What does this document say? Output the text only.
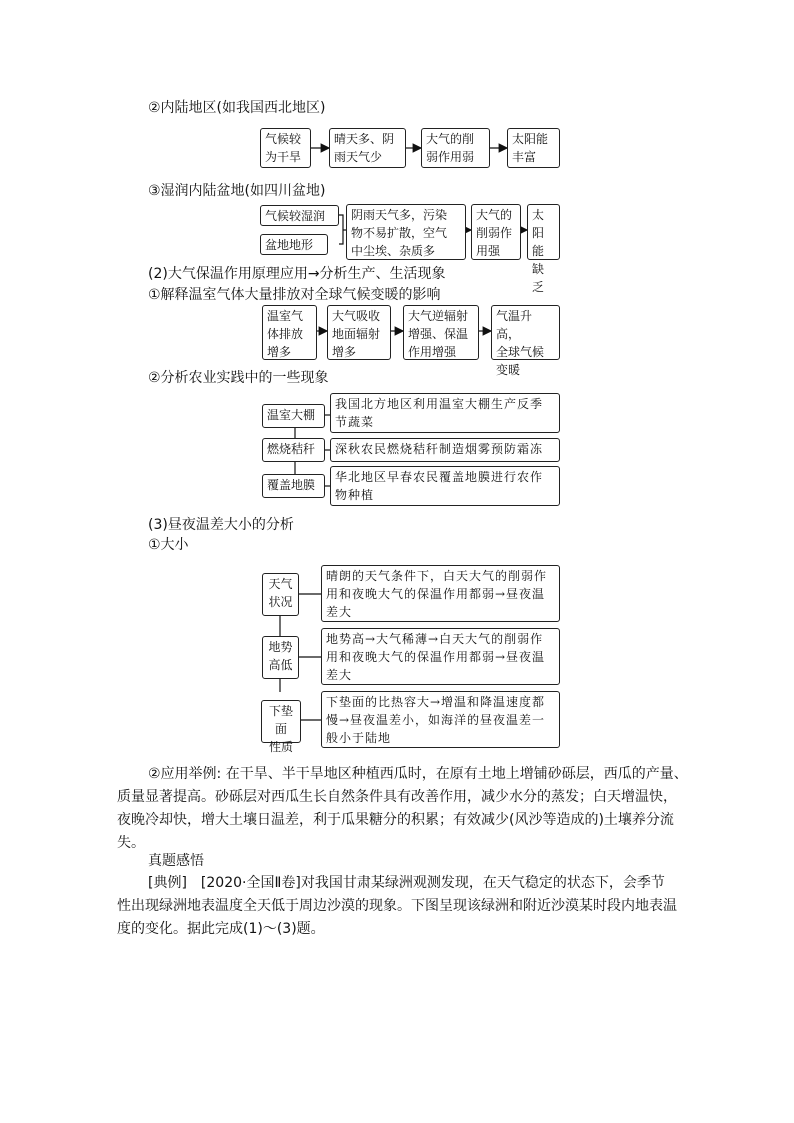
②内陆地区(如我国西北地区)
气候较
为干旱
晴天多、阴
雨天气少
大气的削
弱作用弱
太阳能
丰富
③湿润内陆盆地(如四川盆地)
气候较湿润
盆地地形
阴雨天气多，污染
物不易扩散，空气
中尘埃、杂质多
大气的
削弱作
用强
太阳
能缺
乏
(2)大气保温作用原理应用→分析生产、生活现象
①解释温室气体大量排放对全球气候变暖的影响
温室气
体排放
增多
大气吸收
地面辐射
增多
大气逆辐射
增强、保温
作用增强
气温升高，
全球气候
变暖
②分析农业实践中的一些现象
温室大棚
我国北方地区利用温室大棚生产反季
节蔬菜
燃烧秸秆	深秋农民燃烧秸秆制造烟雾预防霜冻
覆盖地膜
华北地区早春农民覆盖地膜进行农作
物种植
(3)昼夜温差大小的分析
①大小
天气
状况
晴朗的天气条件下，白天大气的削弱作
用和夜晚大气的保温作用都弱→昼夜温
差大
地势
高低
地势高→大气稀薄→白天大气的削弱作
用和夜晚大气的保温作用都弱→昼夜温
差大
下垫面
性质
下垫面的比热容大→增温和降温速度都
慢→昼夜温差小，如海洋的昼夜温差一
般小于陆地
②应用举例: 在干旱、半干旱地区种植西瓜时，在原有土地上增铺砂砾层，西瓜的产量、
质量显著提高。砂砾层对西瓜生长自然条件具有改善作用，减少水分的蒸发；白天增温快，
夜晚冷却快，增大土壤日温差，利于瓜果糖分的积累；有效减少(风沙等造成的)土壤养分流
失。
真题感悟
[典例]　[2020·全国Ⅱ卷]对我国甘肃某绿洲观测发现，在天气稳定的状态下，会季节
性出现绿洲地表温度全天低于周边沙漠的现象。下图呈现该绿洲和附近沙漠某时段内地表温
度的变化。据此完成(1)～(3)题。
